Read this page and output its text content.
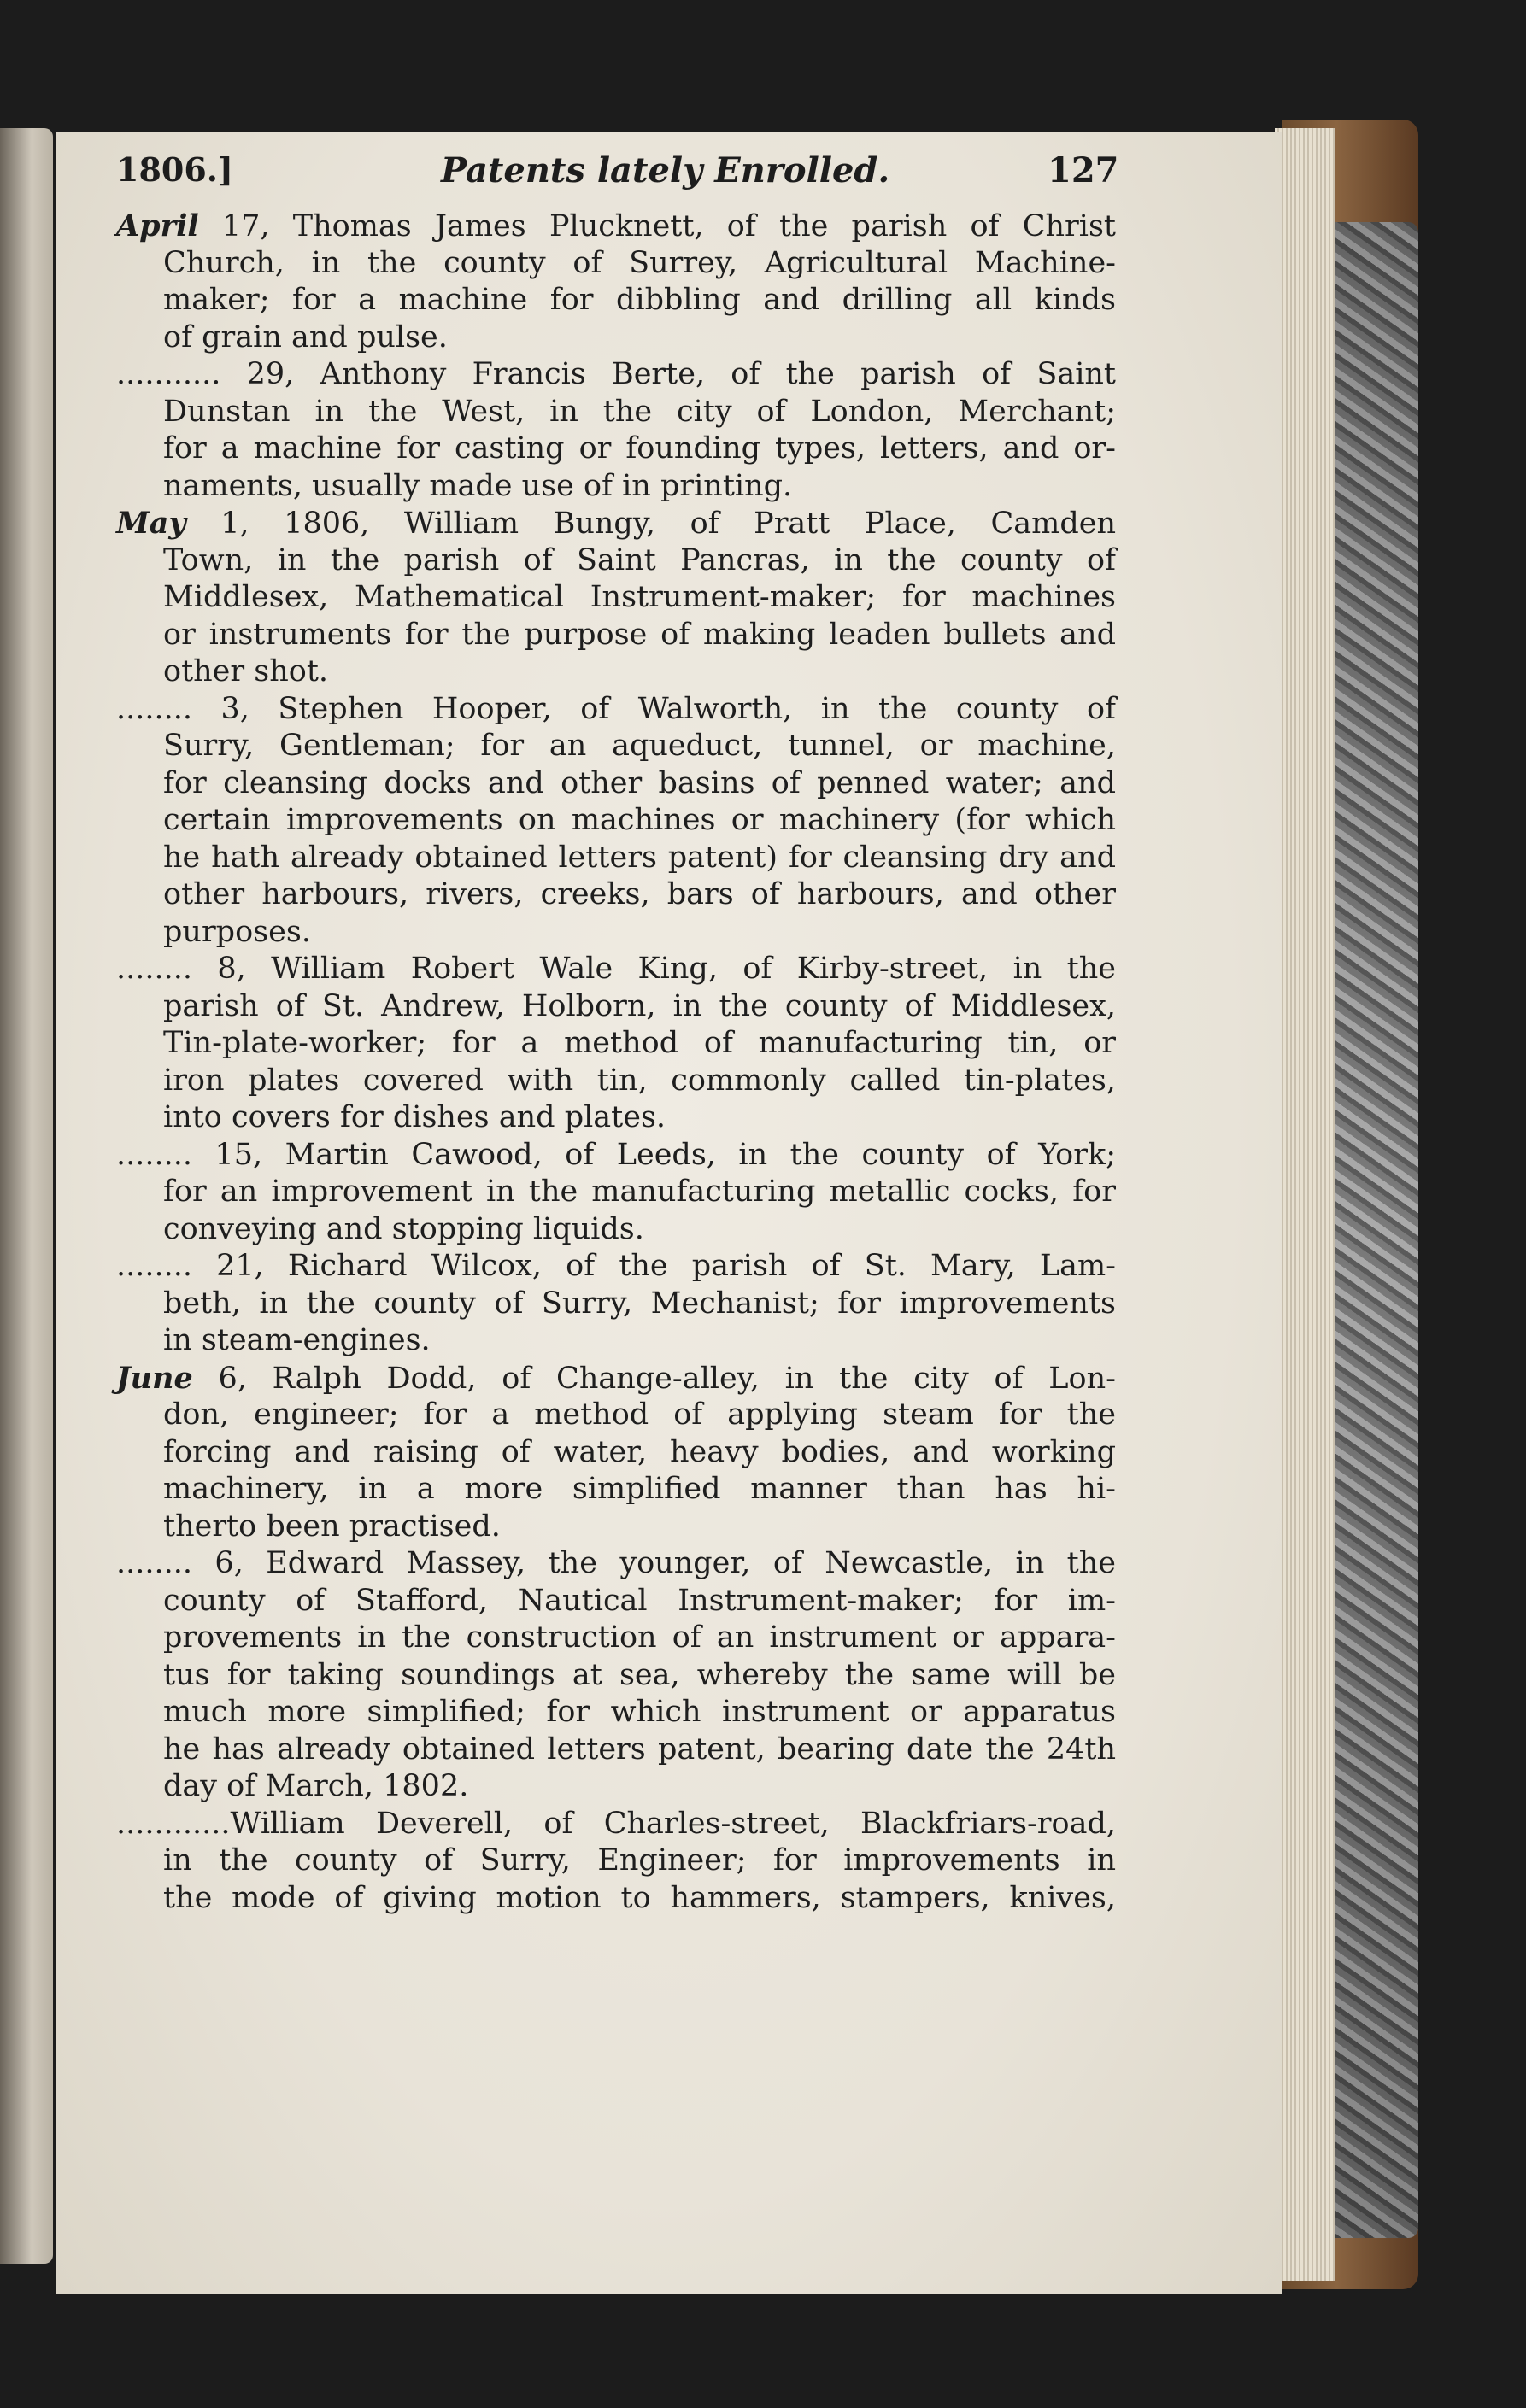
1806.]	Patents lately Enrolled.	127
April 17, Thomas James Plucknett, of the parish of Christ
Church, in the county of Surrey, Agricultural Machine-
maker; for a machine for dibbling and drilling all kinds
of grain and pulse.
........... 29, Anthony Francis Berte, of the parish of Saint
Dunstan in the West, in the city of London, Merchant;
for a machine for casting or founding types, letters, and or-
naments, usually made use of in printing.
May 1, 1806, William Bungy, of Pratt Place, Camden
Town, in the parish of Saint Pancras, in the county of
Middlesex, Mathematical Instrument-maker; for machines
or instruments for the purpose of making leaden bullets and
other shot.
........ 3, Stephen Hooper, of Walworth, in the county of
Surry, Gentleman; for an aqueduct, tunnel, or machine,
for cleansing docks and other basins of penned water; and
certain improvements on machines or machinery (for which
he hath already obtained letters patent) for cleansing dry and
other harbours, rivers, creeks, bars of harbours, and other
purposes.
........ 8, William Robert Wale King, of Kirby-street, in the
parish of St. Andrew, Holborn, in the county of Middlesex,
Tin-plate-worker; for a method of manufacturing tin, or
iron plates covered with tin, commonly called tin-plates,
into covers for dishes and plates.
........ 15, Martin Cawood, of Leeds, in the county of York;
for an improvement in the manufacturing metallic cocks, for
conveying and stopping liquids.
........ 21, Richard Wilcox, of the parish of St. Mary, Lam-
beth, in the county of Surry, Mechanist; for improvements
in steam-engines.
June 6, Ralph Dodd, of Change-alley, in the city of Lon-
don, engineer; for a method of applying steam for the
forcing and raising of water, heavy bodies, and working
machinery, in a more simplified manner than has hi-
therto been practised.
........ 6, Edward Massey, the younger, of Newcastle, in the
county of Stafford, Nautical Instrument-maker; for im-
provements in the construction of an instrument or appara-
tus for taking soundings at sea, whereby the same will be
much more simplified; for which instrument or apparatus
he has already obtained letters patent, bearing date the 24th
day of March, 1802.
............William Deverell, of Charles-street, Blackfriars-road,
in the county of Surry, Engineer; for improvements in
the mode of giving motion to hammers, stampers, knives,
